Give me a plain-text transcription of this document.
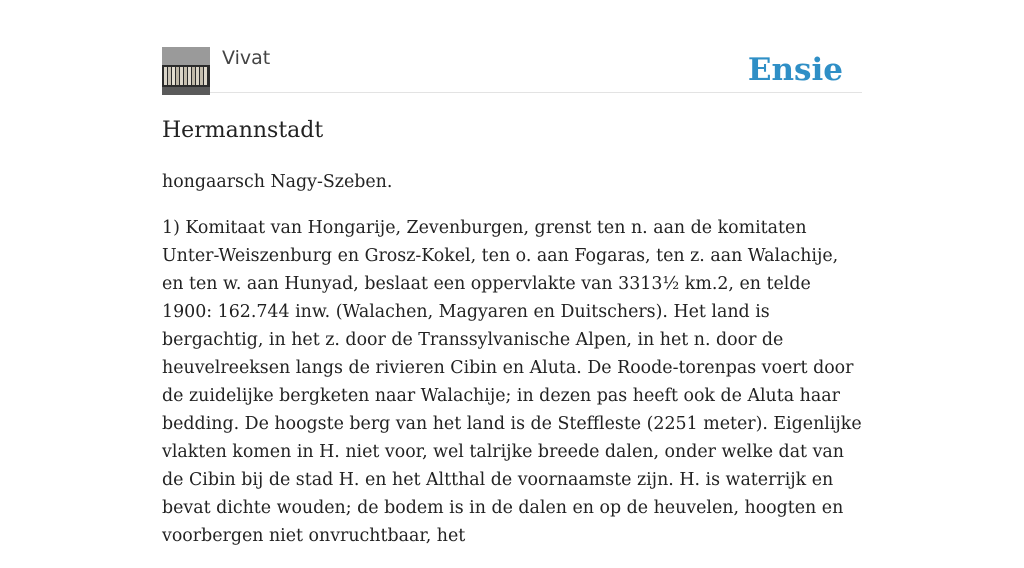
Vivat	Ensie
Hermannstadt

hongaarsch Nagy-Szeben.

1) Komitaat van Hongarije, Zevenburgen, grenst ten n. aan de komitaten Unter-Weiszenburg en Grosz-Kokel, ten o. aan Fogaras, ten z. aan Walachije, en ten w. aan Hunyad, beslaat een oppervlakte van 3313½ km.2, en telde 1900: 162.744 inw. (Walachen, Magyaren en Duitschers). Het land is bergachtig, in het z. door de Transsylvanische Alpen, in het n. door de heuvelreeksen langs de rivieren Cibin en Aluta. De Roode-torenpas voert door de zuidelijke bergketen naar Walachije; in dezen pas heeft ook de Aluta haar bedding. De hoogste berg van het land is de Steffleste (2251 meter). Eigenlijke vlakten komen in H. niet voor, wel talrijke breede dalen, onder welke dat van de Cibin bij de stad H. en het Altthal de voornaamste zijn. H. is waterrijk en bevat dichte wouden; de bodem is in de dalen en op de heuvelen, hoogten en voorbergen niet onvruchtbaar, het
